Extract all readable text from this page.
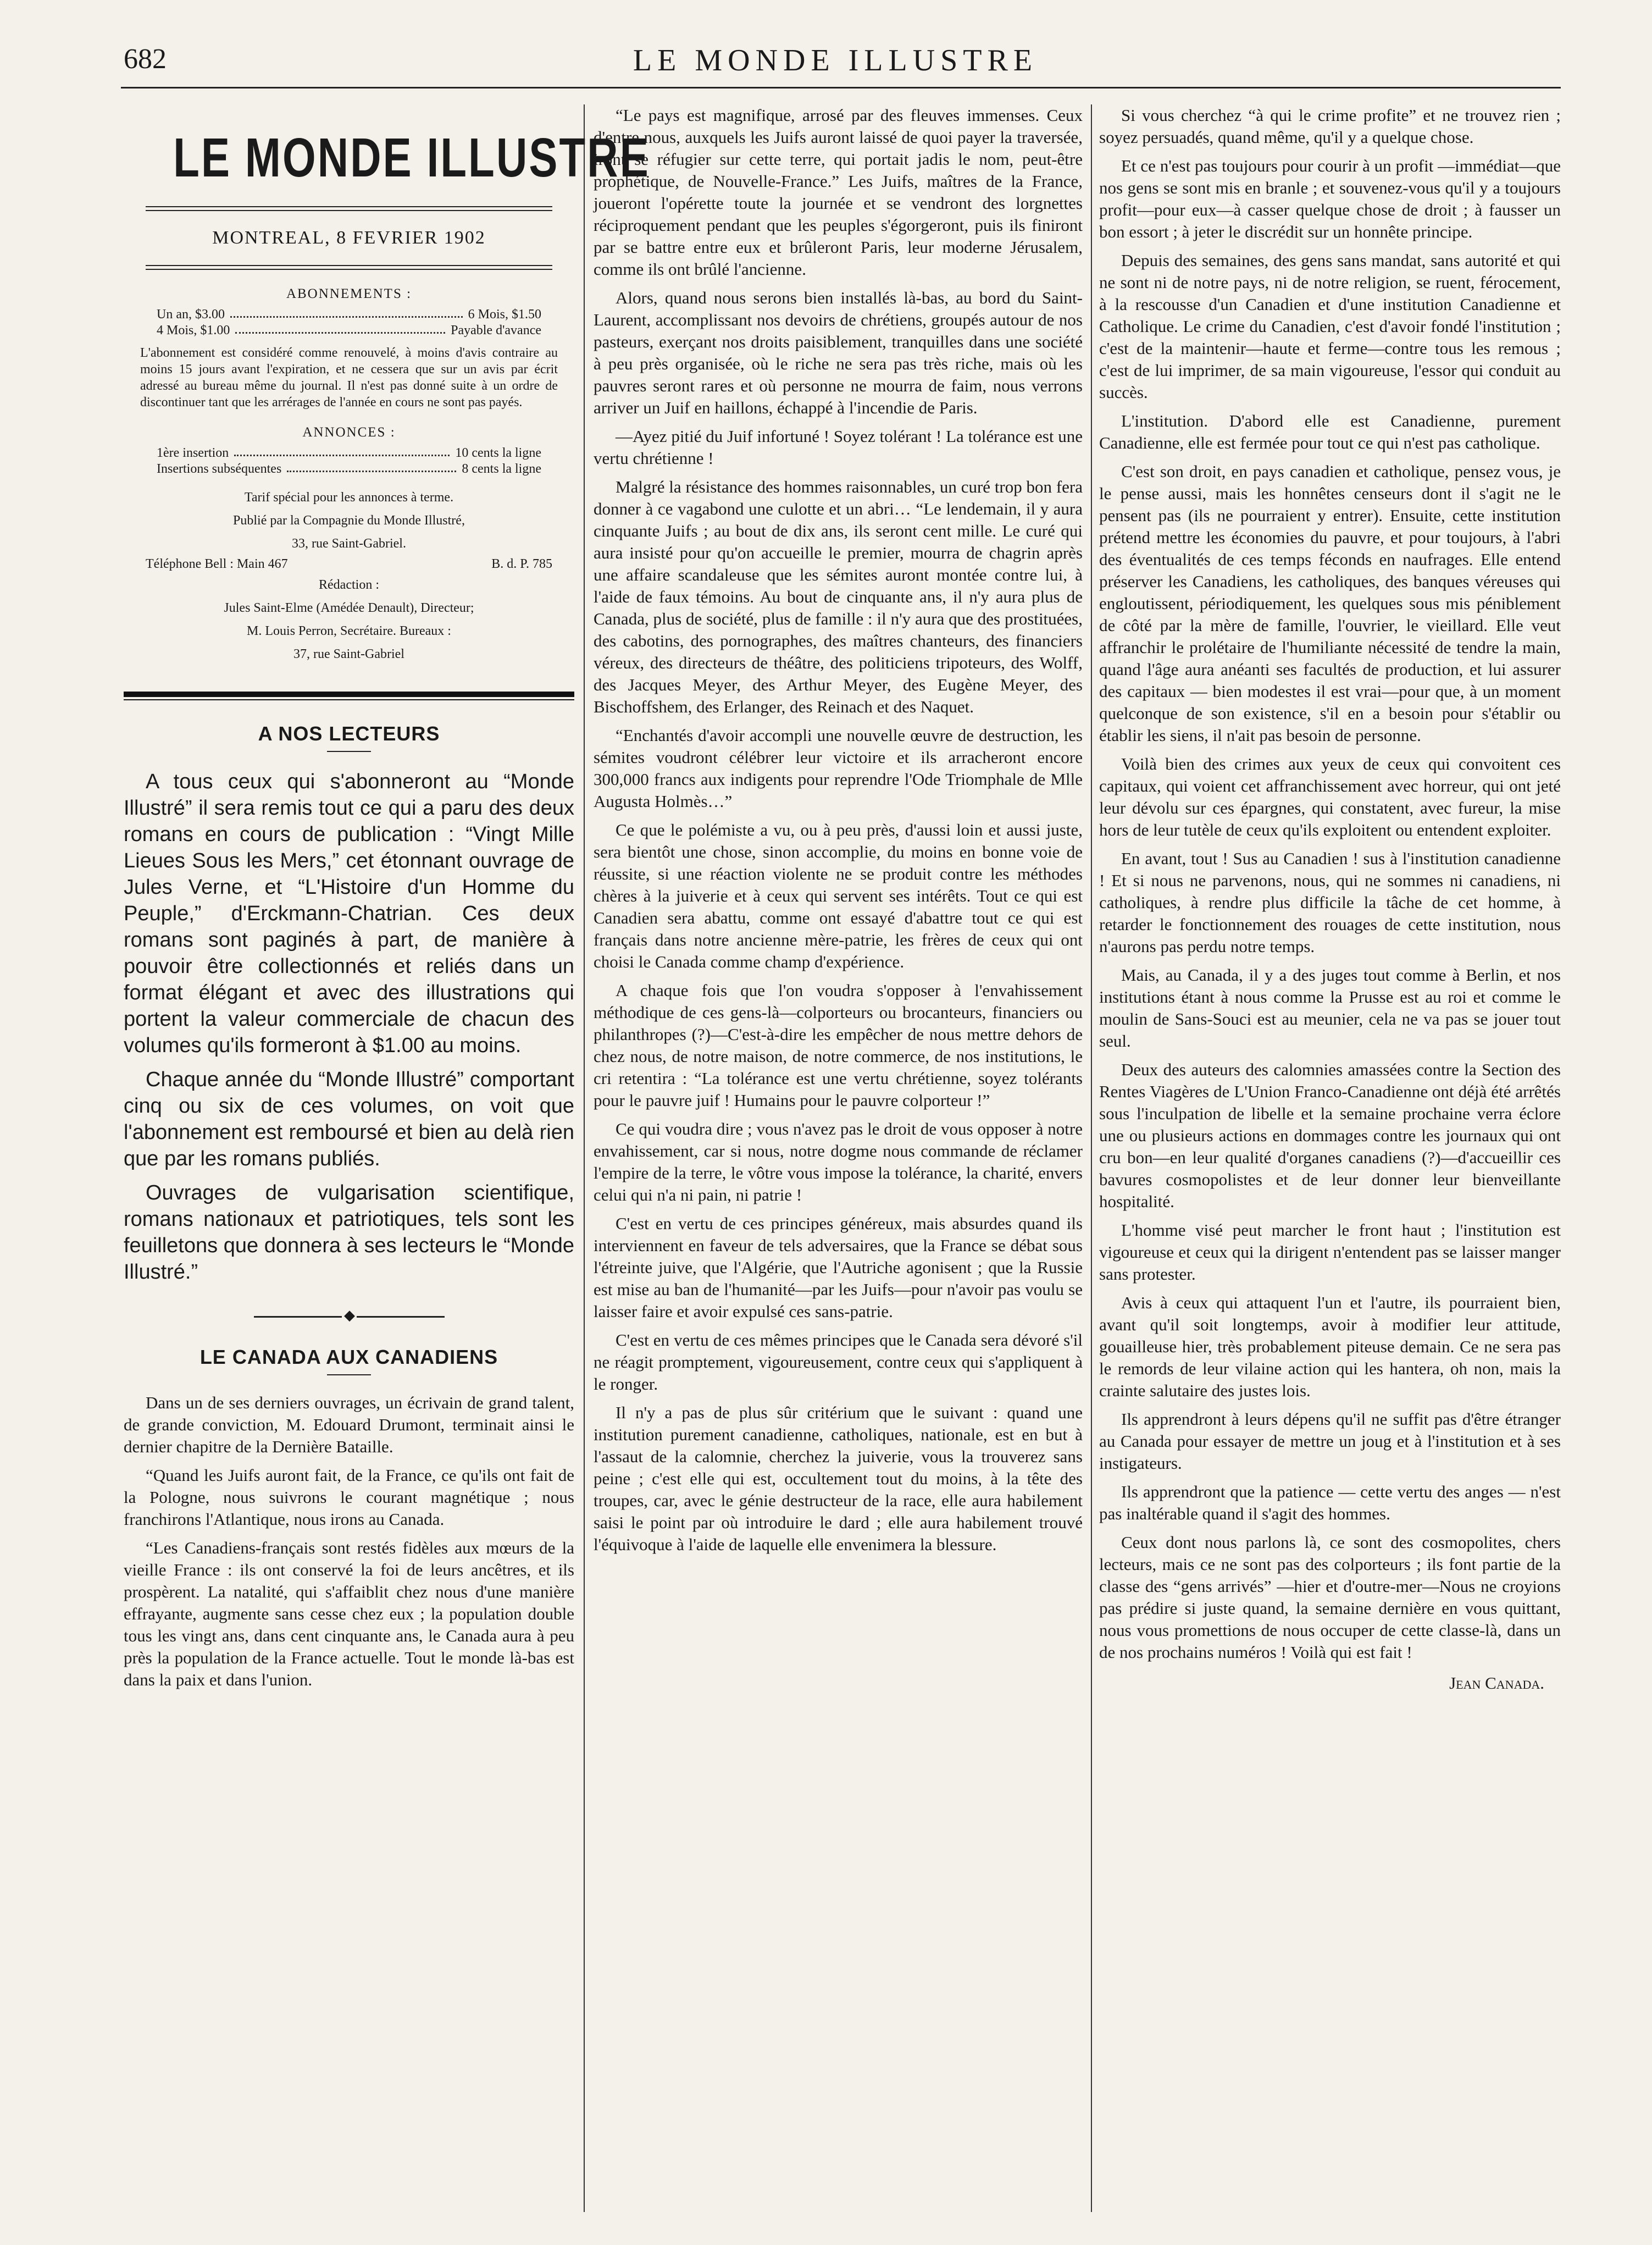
682	LE MONDE ILLUSTRE
LE MONDE ILLUSTRE
MONTREAL, 8 FEVRIER 1902
ABONNEMENTS :
Un an, $3.00	6 Mois, $1.50
4 Mois, $1.00	Payable d'avance
L'abonnement est considéré comme renouvelé, à moins d'avis contraire au moins 15 jours avant l'expiration, et ne cessera que sur un avis par écrit adressé au bureau même du journal. Il n'est pas donné suite à un ordre de discontinuer tant que les arrérages de l'année en cours ne sont pas payés.
ANNONCES :
1ère insertion	10 cents la ligne
Insertions subséquentes	8 cents la ligne
Tarif spécial pour les annonces à terme.
Publié par la Compagnie du Monde Illustré,
33, rue Saint-Gabriel.
Téléphone Bell : Main 467	B. d. P. 785
Rédaction :
Jules Saint-Elme (Amédée Denault), Directeur;
M. Louis Perron, Secrétaire. Bureaux :
37, rue Saint-Gabriel
A NOS LECTEURS

A tous ceux qui s'abonneront au “Monde Illustré” il sera remis tout ce qui a paru des deux romans en cours de publication : “Vingt Mille Lieues Sous les Mers,” cet étonnant ouvrage de Jules Verne, et “L'Histoire d'un Homme du Peuple,” d'Erckmann-Chatrian. Ces deux romans sont paginés à part, de manière à pouvoir être collectionnés et reliés dans un format élégant et avec des illustrations qui portent la valeur commerciale de chacun des volumes qu'ils formeront à $1.00 au moins.

Chaque année du “Monde Illustré” comportant cinq ou six de ces volumes, on voit que l'abonnement est remboursé et bien au delà rien que par les romans publiés.

Ouvrages de vulgarisation scientifique, romans nationaux et patriotiques, tels sont les feuilletons que donnera à ses lecteurs le “Monde Illustré.”

◆
LE CANADA AUX CANADIENS

Dans un de ses derniers ouvrages, un écrivain de grand talent, de grande conviction, M. Edouard Drumont, terminait ainsi le dernier chapitre de la Dernière Bataille.

“Quand les Juifs auront fait, de la France, ce qu'ils ont fait de la Pologne, nous suivrons le courant magnétique ; nous franchirons l'Atlantique, nous irons au Canada.

“Les Canadiens-français sont restés fidèles aux mœurs de la vieille France : ils ont conservé la foi de leurs ancêtres, et ils prospèrent. La natalité, qui s'affaiblit chez nous d'une manière effrayante, augmente sans cesse chez eux ; la population double tous les vingt ans, dans cent cinquante ans, le Canada aura à peu près la population de la France actuelle. Tout le monde là-bas est dans la paix et dans l'union.

“Le pays est magnifique, arrosé par des fleuves immenses. Ceux d'entre nous, auxquels les Juifs auront laissé de quoi payer la traversée, iront se réfugier sur cette terre, qui portait jadis le nom, peut-être prophétique, de Nouvelle-France.” Les Juifs, maîtres de la France, joueront l'opérette toute la journée et se vendront des lorgnettes réciproquement pendant que les peuples s'égorgeront, puis ils finiront par se battre entre eux et brûleront Paris, leur moderne Jérusalem, comme ils ont brûlé l'ancienne.

Alors, quand nous serons bien installés là-bas, au bord du Saint-Laurent, accomplissant nos devoirs de chrétiens, groupés autour de nos pasteurs, exerçant nos droits paisiblement, tranquilles dans une société à peu près organisée, où le riche ne sera pas très riche, mais où les pauvres seront rares et où personne ne mourra de faim, nous verrons arriver un Juif en haillons, échappé à l'incendie de Paris.

—Ayez pitié du Juif infortuné ! Soyez tolérant ! La tolérance est une vertu chrétienne !

Malgré la résistance des hommes raisonnables, un curé trop bon fera donner à ce vagabond une culotte et un abri… “Le lendemain, il y aura cinquante Juifs ; au bout de dix ans, ils seront cent mille. Le curé qui aura insisté pour qu'on accueille le premier, mourra de chagrin après une affaire scandaleuse que les sémites auront montée contre lui, à l'aide de faux témoins. Au bout de cinquante ans, il n'y aura plus de Canada, plus de société, plus de famille : il n'y aura que des prostituées, des cabotins, des pornographes, des maîtres chanteurs, des financiers véreux, des directeurs de théâtre, des politiciens tripoteurs, des Wolff, des Jacques Meyer, des Arthur Meyer, des Eugène Meyer, des Bischoffshem, des Erlanger, des Reinach et des Naquet.

“Enchantés d'avoir accompli une nouvelle œuvre de destruction, les sémites voudront célébrer leur victoire et ils arracheront encore 300,000 francs aux indigents pour reprendre l'Ode Triomphale de Mlle Augusta Holmès…”

Ce que le polémiste a vu, ou à peu près, d'aussi loin et aussi juste, sera bientôt une chose, sinon accomplie, du moins en bonne voie de réussite, si une réaction violente ne se produit contre les méthodes chères à la juiverie et à ceux qui servent ses intérêts. Tout ce qui est Canadien sera abattu, comme ont essayé d'abattre tout ce qui est français dans notre ancienne mère-patrie, les frères de ceux qui ont choisi le Canada comme champ d'expérience.

A chaque fois que l'on voudra s'opposer à l'envahissement méthodique de ces gens-là—colporteurs ou brocanteurs, financiers ou philanthropes (?)—C'est-à-dire les empêcher de nous mettre dehors de chez nous, de notre maison, de notre commerce, de nos institutions, le cri retentira : “La tolérance est une vertu chrétienne, soyez tolérants pour le pauvre juif ! Humains pour le pauvre colporteur !”

Ce qui voudra dire ; vous n'avez pas le droit de vous opposer à notre envahissement, car si nous, notre dogme nous commande de réclamer l'empire de la terre, le vôtre vous impose la tolérance, la charité, envers celui qui n'a ni pain, ni patrie !

C'est en vertu de ces principes généreux, mais absurdes quand ils interviennent en faveur de tels adversaires, que la France se débat sous l'étreinte juive, que l'Algérie, que l'Autriche agonisent ; que la Russie est mise au ban de l'humanité—par les Juifs—pour n'avoir pas voulu se laisser faire et avoir expulsé ces sans-patrie.

C'est en vertu de ces mêmes principes que le Canada sera dévoré s'il ne réagit promptement, vigoureusement, contre ceux qui s'appliquent à le ronger.

Il n'y a pas de plus sûr critérium que le suivant : quand une institution purement canadienne, catholiques, nationale, est en but à l'assaut de la calomnie, cherchez la juiverie, vous la trouverez sans peine ; c'est elle qui est, occultement tout du moins, à la tête des troupes, car, avec le génie destructeur de la race, elle aura habilement saisi le point par où introduire le dard ; elle aura habilement trouvé l'équivoque à l'aide de laquelle elle envenimera la blessure.

Si vous cherchez “à qui le crime profite” et ne trouvez rien ; soyez persuadés, quand même, qu'il y a quelque chose.

Et ce n'est pas toujours pour courir à un profit —immédiat—que nos gens se sont mis en branle ; et souvenez-vous qu'il y a toujours profit—pour eux—à casser quelque chose de droit ; à fausser un bon essort ; à jeter le discrédit sur un honnête principe.

Depuis des semaines, des gens sans mandat, sans autorité et qui ne sont ni de notre pays, ni de notre religion, se ruent, férocement, à la rescousse d'un Canadien et d'une institution Canadienne et Catholique. Le crime du Canadien, c'est d'avoir fondé l'institution ; c'est de la maintenir—haute et ferme—contre tous les remous ; c'est de lui imprimer, de sa main vigoureuse, l'essor qui conduit au succès.

L'institution. D'abord elle est Canadienne, purement Canadienne, elle est fermée pour tout ce qui n'est pas catholique.

C'est son droit, en pays canadien et catholique, pensez vous, je le pense aussi, mais les honnêtes censeurs dont il s'agit ne le pensent pas (ils ne pourraient y entrer). Ensuite, cette institution prétend mettre les économies du pauvre, et pour toujours, à l'abri des éventualités de ces temps féconds en naufrages. Elle entend préserver les Canadiens, les catholiques, des banques véreuses qui engloutissent, périodiquement, les quelques sous mis péniblement de côté par la mère de famille, l'ouvrier, le vieillard. Elle veut affranchir le prolétaire de l'humiliante nécessité de tendre la main, quand l'âge aura anéanti ses facultés de production, et lui assurer des capitaux — bien modestes il est vrai—pour que, à un moment quelconque de son existence, s'il en a besoin pour s'établir ou établir les siens, il n'ait pas besoin de personne.

Voilà bien des crimes aux yeux de ceux qui convoitent ces capitaux, qui voient cet affranchissement avec horreur, qui ont jeté leur dévolu sur ces épargnes, qui constatent, avec fureur, la mise hors de leur tutèle de ceux qu'ils exploitent ou entendent exploiter.

En avant, tout ! Sus au Canadien ! sus à l'institution canadienne ! Et si nous ne parvenons, nous, qui ne sommes ni canadiens, ni catholiques, à rendre plus difficile la tâche de cet homme, à retarder le fonctionnement des rouages de cette institution, nous n'aurons pas perdu notre temps.

Mais, au Canada, il y a des juges tout comme à Berlin, et nos institutions étant à nous comme la Prusse est au roi et comme le moulin de Sans-Souci est au meunier, cela ne va pas se jouer tout seul.

Deux des auteurs des calomnies amassées contre la Section des Rentes Viagères de L'Union Franco-Canadienne ont déjà été arrêtés sous l'inculpation de libelle et la semaine prochaine verra éclore une ou plusieurs actions en dommages contre les journaux qui ont cru bon—en leur qualité d'organes canadiens (?)—d'accueillir ces bavures cosmopolistes et de leur donner leur bienveillante hospitalité.

L'homme visé peut marcher le front haut ; l'institution est vigoureuse et ceux qui la dirigent n'entendent pas se laisser manger sans protester.

Avis à ceux qui attaquent l'un et l'autre, ils pourraient bien, avant qu'il soit longtemps, avoir à modifier leur attitude, gouailleuse hier, très probablement piteuse demain. Ce ne sera pas le remords de leur vilaine action qui les hantera, oh non, mais la crainte salutaire des justes lois.

Ils apprendront à leurs dépens qu'il ne suffit pas d'être étranger au Canada pour essayer de mettre un joug et à l'institution et à ses instigateurs.

Ils apprendront que la patience — cette vertu des anges — n'est pas inaltérable quand il s'agit des hommes.

Ceux dont nous parlons là, ce sont des cosmopolites, chers lecteurs, mais ce ne sont pas des colporteurs ; ils font partie de la classe des “gens arrivés” —hier et d'outre-mer—Nous ne croyions pas prédire si juste quand, la semaine dernière en vous quittant, nous vous promettions de nous occuper de cette classe-là, dans un de nos prochains numéros ! Voilà qui est fait !

Jean Canada.
